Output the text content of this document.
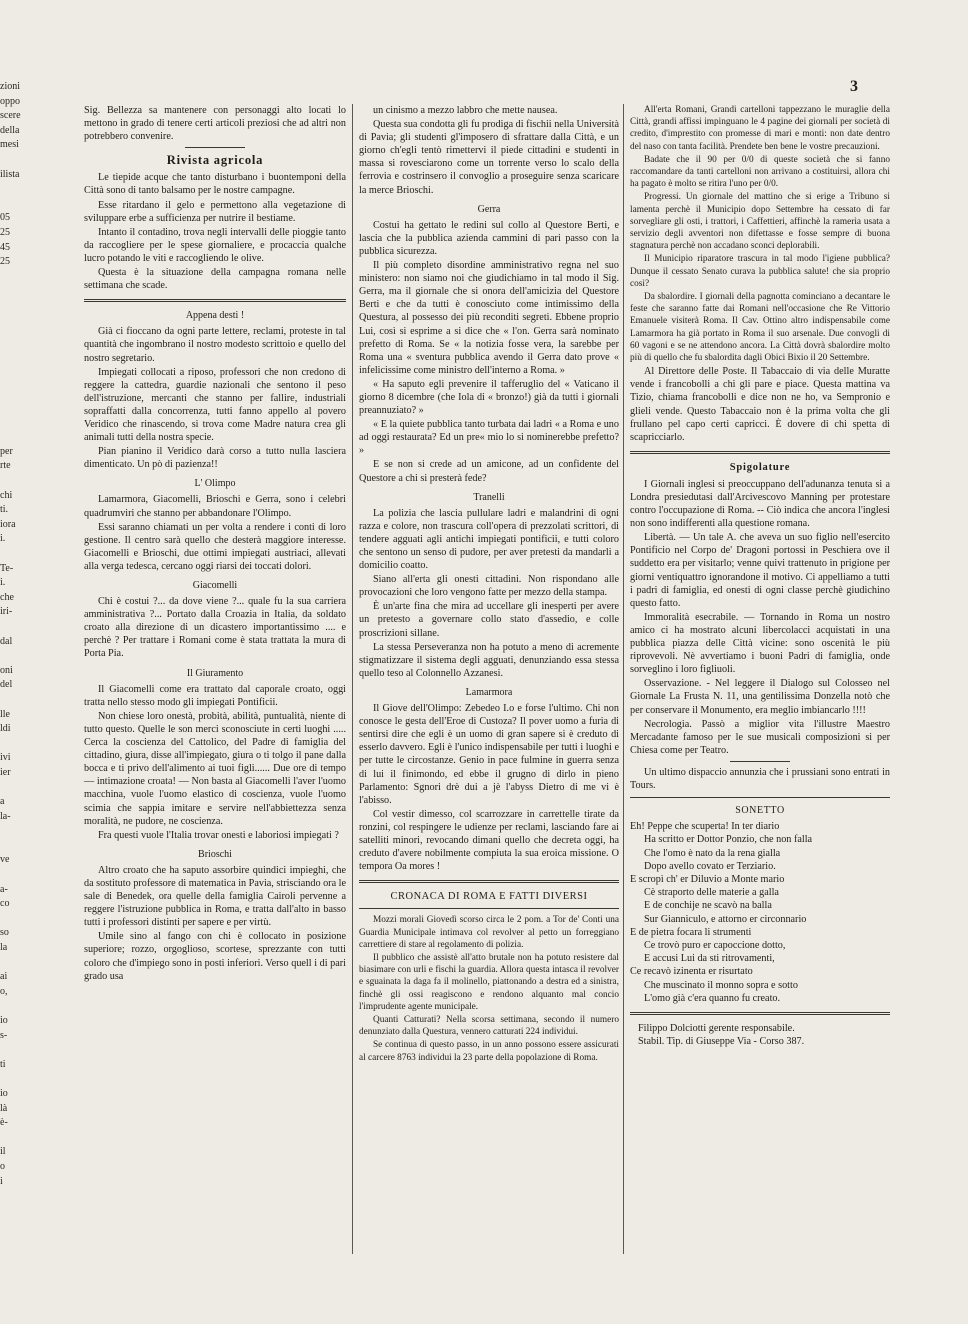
zioni
oppo
scere
della
mesi

ilista

05
25
45
25

per
rte

chi
ti.
iora
i.

Te-
i.
che
iri-

dal

oni
del

lle
ldi

ivi
ier

a
la-

ve

a-
co

so
la

ai
o,

io
s-

ti

io
là
è-

il
o
i
3

Sig. Bellezza sa mantenere con personaggi alto locati lo mettono in grado di tenere certi articoli preziosi che ad altri non potrebbero convenire.

Rivista agricola

Le tiepide acque che tanto disturbano i buontemponi della Città sono di tanto balsamo per le nostre campagne.

Esse ritardano il gelo e permettono alla vegetazione di sviluppare erbe a sufficienza per nutrire il bestiame.

Intanto il contadino, trova negli intervalli delle pioggie tanto da raccogliere per le spese giornaliere, e procaccia qualche lucro potando le viti e raccogliendo le olive.

Questa è la situazione della campagna romana nelle settimana che scade.

Appena desti !

Già ci fioccano da ogni parte lettere, reclami, proteste in tal quantità che ingombrano il nostro modesto scrittoio e quello del nostro segretario.

Impiegati collocati a riposo, professori che non credono di reggere la cattedra, guardie nazionali che sentono il peso dell'istruzione, mercanti che stanno per fallire, industriali sopraffatti dalla concorrenza, tutti fanno appello al povero Veridico che rinascendo, si trova come Madre natura crea gli animali tutti della nostra specie.

Pian pianino il Veridico darà corso a tutto nulla lasciera dimenticato. Un pò di pazienza!!

L' Olimpo

Lamarmora, Giacomelli, Brioschi e Gerra, sono i celebri quadrumviri che stanno per abbandonare l'Olimpo.

Essi saranno chiamati un per volta a rendere i conti di loro gestione. Il centro sarà quello che desterà maggiore interesse. Giacomelli e Brioschi, due ottimi impiegati austriaci, allevati alla verga tedesca, cercano oggi riarsi dei toccati dolori.

Giacomelli

Chi è costui ?... da dove viene ?... quale fu la sua carriera amministrativa ?... Portato dalla Croazia in Italia, da soldato croato alla direzione di un dicastero importantissimo .... e perchè ? Per trattare i Romani come è stata trattata la mura di Porta Pia.

Il Giuramento

Il Giacomelli come era trattato dal caporale croato, oggi tratta nello stesso modo gli impiegati Pontificii.

Non chiese loro onestà, probità, abilità, puntualità, niente di tutto questo. Quelle le son merci sconosciute in certi luoghi ..... Cerca la coscienza del Cattolico, del Padre di famiglia del cittadino, giura, disse all'impiegato, giura o ti tolgo il pane dalla bocca e ti privo dell'alimento ai tuoi figli...... Due ore di tempo — intimazione croata! — Non basta al Giacomelli l'aver l'uomo macchina, vuole l'uomo elastico di coscienza, vuole l'uomo scimia che sappia imitare e servire nell'abbiettezza senza moralità, ne pudore, ne coscienza.

Fra questi vuole l'Italia trovar onesti e laboriosi impiegati ?

Brioschi

Altro croato che ha saputo assorbire quindici impieghi, che da sostituto professore di matematica in Pavia, strisciando ora le sale di Benedek, ora quelle della famiglia Cairoli pervenne a reggere l'istruzione pubblica in Roma, e tratta dall'alto in basso tutti i professori distinti per sapere e per virtù.

Umile sino al fango con chi è collocato in posizione superiore; rozzo, orgoglioso, scortese, sprezzante con tutti coloro che d'impiego sono in posti inferiori. Verso quell i di pari grado usa

un cinismo a mezzo labbro che mette nausea.

Questa sua condotta gli fu prodiga di fischii nella Università di Pavia; gli studenti gl'imposero di sfrattare dalla Città, e un giorno ch'egli tentò rimettervi il piede cittadini e studenti in massa si rovesciarono come un torrente verso lo scalo della ferrovia e costrinsero il convoglio a proseguire senza scaricare la merce Brioschi.

Gerra

Costui ha gettato le redini sul collo al Questore Berti, e lascia che la pubblica azienda cammini di pari passo con la pubblica sicurezza.

Il più completo disordine amministrativo regna nel suo ministero: non siamo noi che giudichiamo in tal modo il Sig. Gerra, ma il giornale che si onora dell'amicizia del Questore Berti e che da tutti è conosciuto come intimissimo della Questura, al possesso dei più reconditi segreti. Ebbene proprio Lui, così si esprime a si dice che « l'on. Gerra sarà nominato prefetto di Roma. Se « la notizia fosse vera, la sarebbe per Roma una « sventura pubblica avendo il Gerra dato prove « infelicissime come ministro dell'interno a Roma. »

« Ha saputo egli prevenire il tafferuglio del « Vaticano il giorno 8 dicembre (che Iola di « bronzo!) già da tutti i giornali preannuziato? »

« E la quiete pubblica tanto turbata dai ladri « a Roma e uno ad oggi restaurata? Ed un pre« mio lo si nominerebbe prefetto? »

E se non si crede ad un amicone, ad un confidente del Questore a chi si presterà fede?

Tranelli

La polizia che lascia pullulare ladri e malandrini di ogni razza e colore, non trascura coll'opera di prezzolati scrittori, di tendere agguati agli antichi impiegati pontificii, e tutti coloro che sentono un senso di pudore, per aver pretesti da mandarli a domicilio coatto.

Siano all'erta gli onesti cittadini. Non rispondano alle provocazioni che loro vengono fatte per mezzo della stampa.

È un'arte fina che mira ad uccellare gli inesperti per avere un pretesto a governare collo stato d'assedio, e colle proscrizioni sillane.

La stessa Perseveranza non ha potuto a meno di acremente stigmatizzare il sistema degli agguati, denunziando essa stessa quello teso al Colonnello Azzanesi.

Lamarmora

Il Giove dell'Olimpo: Zebedeo I.o e forse l'ultimo. Chi non conosce le gesta dell'Eroe di Custoza? Il pover uomo a furia di sentirsi dire che egli è un uomo di gran sapere si è creduto di esserlo davvero. Egli è l'unico indispensabile per tutti i luoghi e per tutte le circostanze. Genio in pace fulmine in guerra senza di lui il finimondo, ed ebbe il grugno di dirlo in pieno Parlamento: Sgnori drè dui a jè l'abyss Dietro di me vi è l'abisso.

Col vestir dimesso, col scarrozzare in carrettelle tirate da ronzini, col respingere le udienze per reclami, lasciando fare ai satelliti minori, revocando dimani quello che decreta oggi, ha creduto d'avere nobilmente compiuta la sua eroica missione. O tempora Oa mores !

CRONACA DI ROMA E FATTI DIVERSI

Mozzi morali Giovedì scorso circa le 2 pom. a Tor de' Conti una Guardia Municipale intimava col revolver al petto un forreggiano carrettiere di stare al regolamento di polizia.

Il pubblico che assistè all'atto brutale non ha potuto resistere dal biasimare con urli e fischi la guardia. Allora questa intasca il revolver e sguainata la daga fa il molinello, piattonando a destra ed a sinistra, finchè gli ossi reagiscono e rendono alquanto mal concio l'imprudente agente municipale.

Quanti Catturati? Nella scorsa settimana, secondo il numero denunziato dalla Questura, vennero catturati 224 individui.

Se continua di questo passo, in un anno possono essere assicurati al carcere 8763 individui la 23 parte della popolazione di Roma.

All'erta Romani, Grandi cartelloni tappezzano le muraglie della Città, grandi affissi impinguano le 4 pagine dei giornali per società di credito, d'imprestito con promesse di mari e monti: non date dentro del naso con tanta facilità. Prendete ben bene le vostre precauzioni.

Badate che il 90 per 0/0 di queste società che si fanno raccomandare da tanti cartelloni non arrivano a costituirsi, allora chi ha pagato è molto se ritira l'uno per 0/0.

Progressi. Un giornale del mattino che si erige a Tribuno si lamenta perchè il Municipio dopo Settembre ha cessato di far sorvegliare gli osti, i trattori, i Caffettieri, affinchè la ramerìa usata a servizio degli avventori non difettasse e fosse sempre di buona stagnatura perchè non accadano sconci deplorabili.

Il Municipio riparatore trascura in tal modo l'igiene pubblica? Dunque il cessato Senato curava la pubblica salute! che sia proprio così?

Da sbalordire. I giornali della pagnotta cominciano a decantare le feste che saranno fatte dai Romani nell'occasione che Re Vittorio Emanuele visiterà Roma. Il Cav. Ottino altro indispensabile come Lamarmora ha già portato in Roma il suo arsenale. Due convogli di 60 vagoni e se ne attendono ancora. La Città dovrà sbalordire molto più di quello che fu sbalordita dagli Obici Bixio il 20 Settembre.

Al Direttore delle Poste. Il Tabaccaio di via delle Muratte vende i francobolli a chi gli pare e piace. Questa mattina va Tizio, chiama francobolli e dice non ne ho, va Sempronio e glieli vende. Questo Tabaccaio non è la prima volta che gli frullano pel capo certi capricci. È dovere di chi spetta di scapricciarlo.

Spigolature

I Giornali inglesi si preoccuppano dell'adunanza tenuta si a Londra presiedutasi dall'Arcivescovo Manning per protestare contro l'occupazione di Roma. -- Ciò indica che ancora l'inglesi non sono indifferenti alla questione romana.

Libertà. — Un tale A. che aveva un suo figlio nell'esercito Pontificio nel Corpo de' Dragoni portossi in Peschiera ove il suddetto era per visitarlo; venne quivi trattenuto in prigione per giorni ventiquattro ignorandone il motivo. Ci appelliamo a tutti i padri di famiglia, ed onesti di ogni classe perchè giudichino questo fatto.

Immoralità esecrabile. — Tornando in Roma un nostro amico ci ha mostrato alcuni libercolacci acquistati in una pubblica piazza delle Città vicine: sono oscenità le più riprovevoli. Nè avvertiamo i buoni Padri di famiglia, onde sorveglino i loro figliuoli.

Osservazione. - Nel leggere il Dialogo sul Colosseo nel Giornale La Frusta N. 11, una gentilissima Donzella notò che per conservare il Monumento, era meglio imbiancarlo !!!!

Necrologia. Passò a miglior vita l'illustre Maestro Mercadante famoso per le sue musicali composizioni si per Chiesa come per Teatro.

Un ultimo dispaccio annunzia che i prussiani sono entrati in Tours.

SONETTO
Eh! Peppe che scuperta! In ter diario
Ha scritto er Dottor Ponzio, che non falla
Che l'omo è nato da la rena gialla
Dopo avello covato er Terziario.
E scropì ch' er Diluvio a Monte mario
Cè straporto delle materie a galla
E de conchije ne scavò na balla
Sur Gianniculo, e attorno er circonnario
E de pietra focara li strumenti
Ce trovò puro er capoccione dotto,
E accusi Lui da sti ritrovamenti,
Ce recavò izinenta er risurtato
Che muscinato il monno sopra e sotto
L'omo già c'era quanno fu creato.
Filippo Dolciotti gerente responsabile.
Stabil. Tip. di Giuseppe Via - Corso 387.
